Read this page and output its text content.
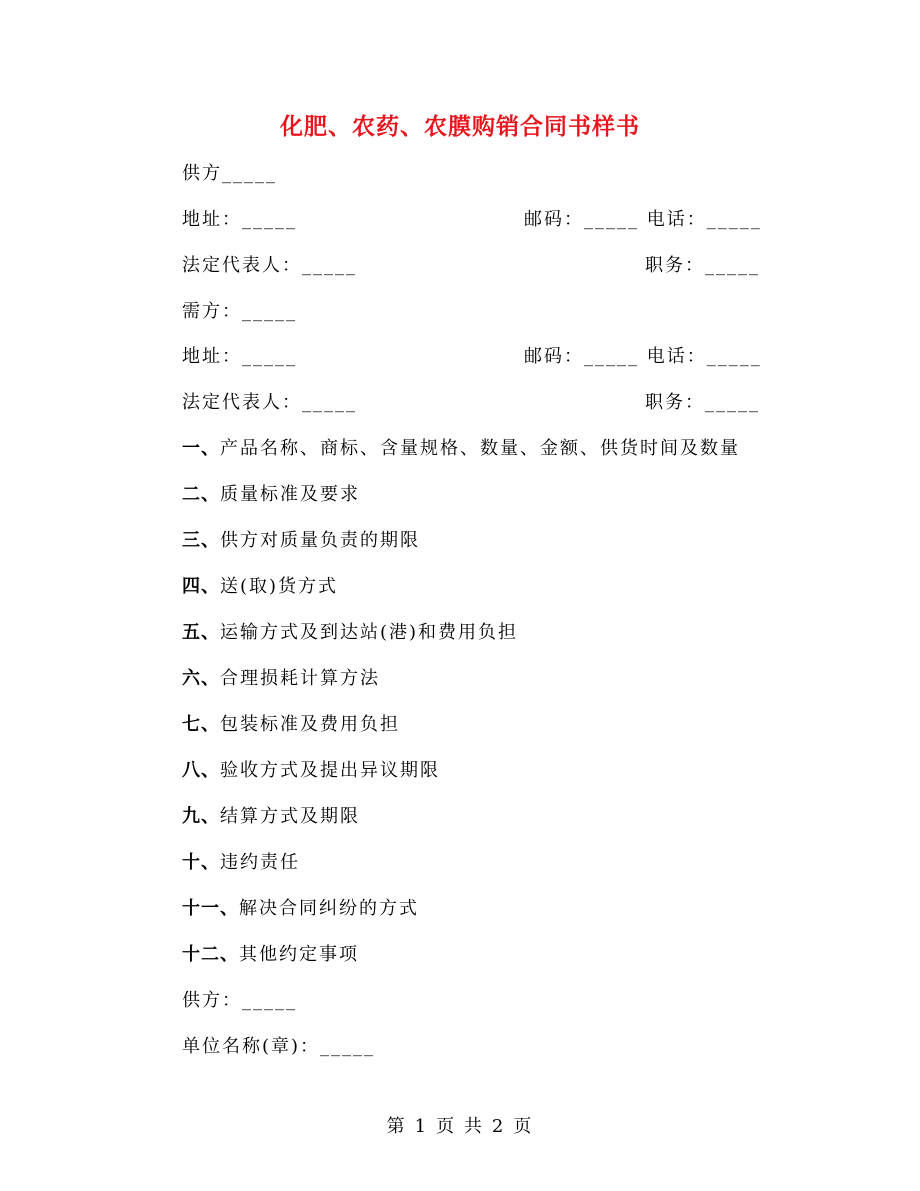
化肥、农药、农膜购销合同书样书
供方_____
地址：_____	邮码：_____ 电话：_____
法定代表人：_____	职务：_____
需方：_____
地址：_____	邮码：_____ 电话：_____
法定代表人：_____	职务：_____
一、产品名称、商标、含量规格、数量、金额、供货时间及数量
二、质量标准及要求
三、供方对质量负责的期限
四、送(取)货方式
五、运输方式及到达站(港)和费用负担
六、合理损耗计算方法
七、包装标准及费用负担
八、验收方式及提出异议期限
九、结算方式及期限
十、违约责任
十一、解决合同纠纷的方式
十二、其他约定事项
供方：_____
单位名称(章)：_____
第 1 页 共 2 页
